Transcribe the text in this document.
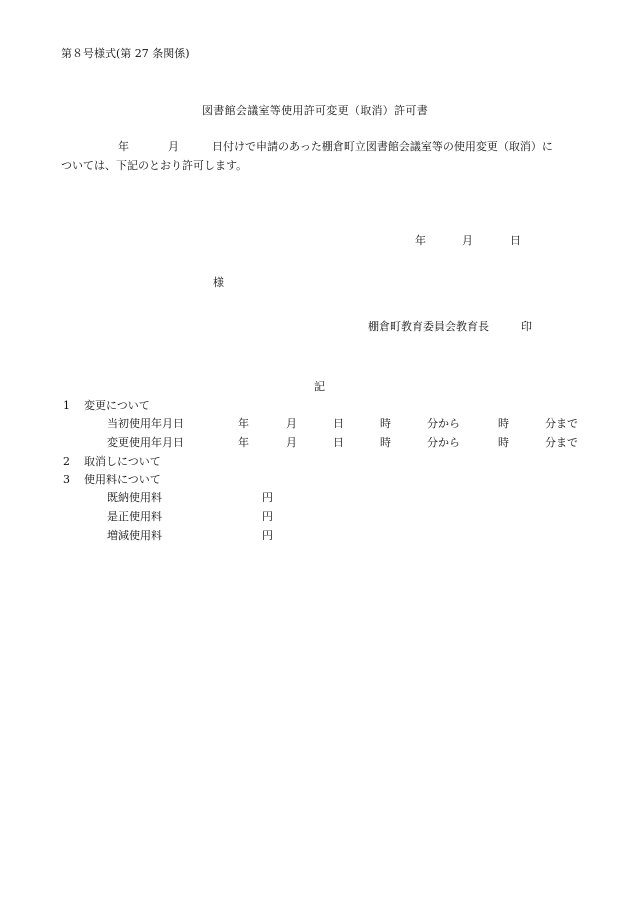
第８号様式(第 27 条関係)
図書館会議室等使用許可変更（取消）許可書
年	月	日付けで申請のあった棚倉町立図書館会議室等の使用変更（取消）に
ついては、下記のとおり許可します。
年	月	日
様
棚倉町教育委員会教育長	印
記
1 変更について
当初使用年月日	年	月	日	時	分から	時	分まで
変更使用年月日	年	月	日	時	分から	時	分まで
2 取消しについて
3 使用料について
既納使用料	円
是正使用料	円
増減使用料	円
